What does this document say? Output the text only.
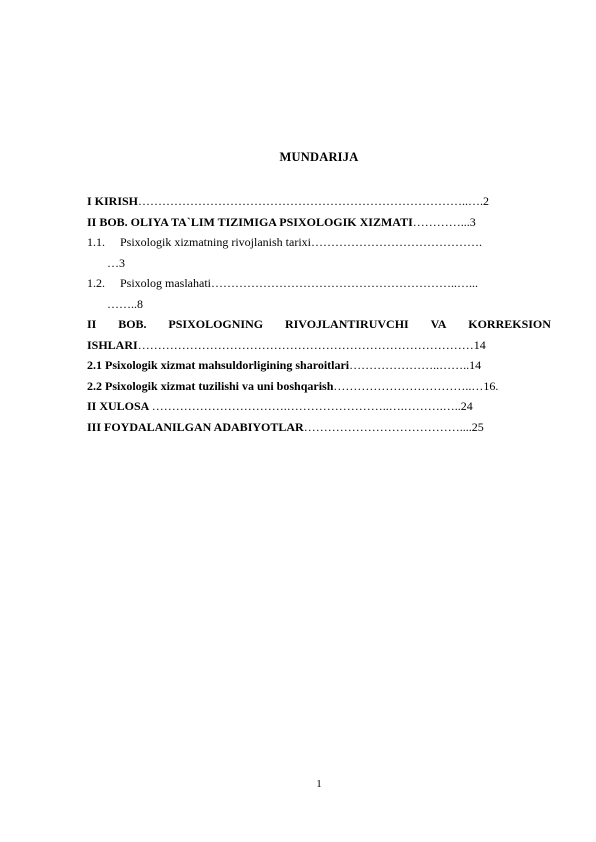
MUNDARIJA
I KIRISH………………………………………………………………………..….2
II BOB. OLIYA TA`LIM TIZIMIGA PSIXOLOGIK XIZMATI…………...3
1.1. Psixologik xizmatning rivojlanish tarixi…………………………………….
…3
1.2. Psixolog maslahati……………………………………………………..…...
……..8
II BOB. PSIXOLOGNING RIVOJLANTIRUVCHI VA KORREKSION
ISHLARI…………………………………………………………………………14
2.1 Psixologik xizmat mahsuldorligining sharoitlari…………………..……..14
2.2 Psixologik xizmat tuzilishi va uni boshqarish……………………………..…16.
II XULOSA …………………………….……………………..….……….…..24
III FOYDALANILGAN ADABIYOTLAR…………………………………....25
1
